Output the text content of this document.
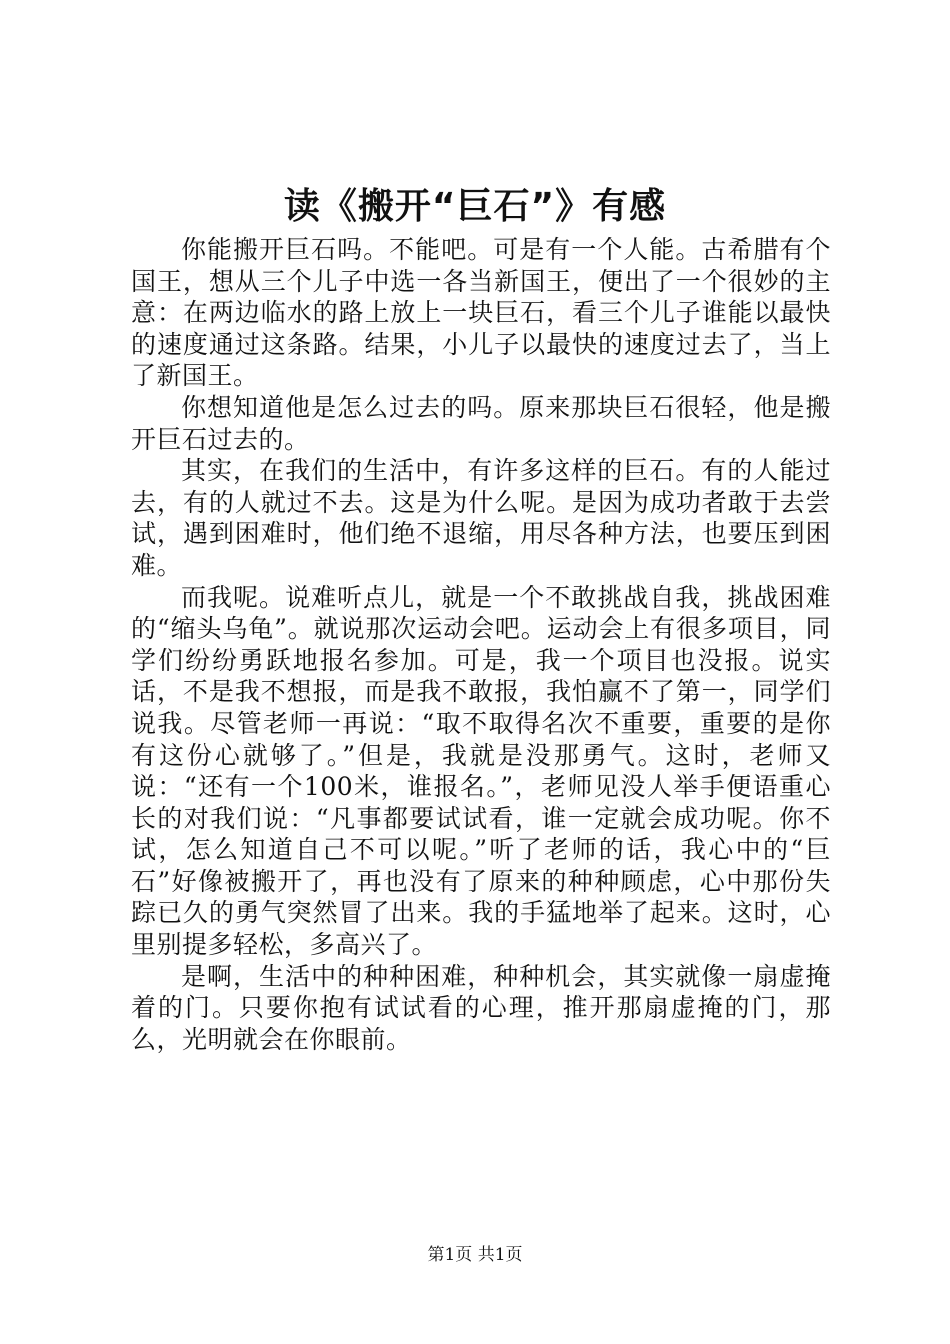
读《搬开“巨石”》有感

你能搬开巨石吗。不能吧。可是有一个人能。古希腊有个国王，想从三个儿子中选一各当新国王，便出了一个很妙的主意：在两边临水的路上放上一块巨石，看三个儿子谁能以最快的速度通过这条路。结果，小儿子以最快的速度过去了，当上了新国王。

你想知道他是怎么过去的吗。原来那块巨石很轻，他是搬开巨石过去的。

其实，在我们的生活中，有许多这样的巨石。有的人能过去，有的人就过不去。这是为什么呢。是因为成功者敢于去尝试，遇到困难时，他们绝不退缩，用尽各种方法，也要压到困难。

而我呢。说难听点儿，就是一个不敢挑战自我，挑战困难的“缩头乌龟”。就说那次运动会吧。运动会上有很多项目，同学们纷纷勇跃地报名参加。可是，我一个项目也没报。说实话，不是我不想报，而是我不敢报，我怕赢不了第一，同学们说我。尽管老师一再说：“取不取得名次不重要，重要的是你有这份心就够了。”但是，我就是没那勇气。这时，老师又说：“还有一个100米，谁报名。”，老师见没人举手便语重心长的对我们说：“凡事都要试试看，谁一定就会成功呢。你不试，怎么知道自己不可以呢。”听了老师的话，我心中的“巨石”好像被搬开了，再也没有了原来的种种顾虑，心中那份失踪已久的勇气突然冒了出来。我的手猛地举了起来。这时，心里别提多轻松，多高兴了。

是啊，生活中的种种困难，种种机会，其实就像一扇虚掩着的门。只要你抱有试试看的心理，推开那扇虚掩的门，那么，光明就会在你眼前。

第1页 共1页
